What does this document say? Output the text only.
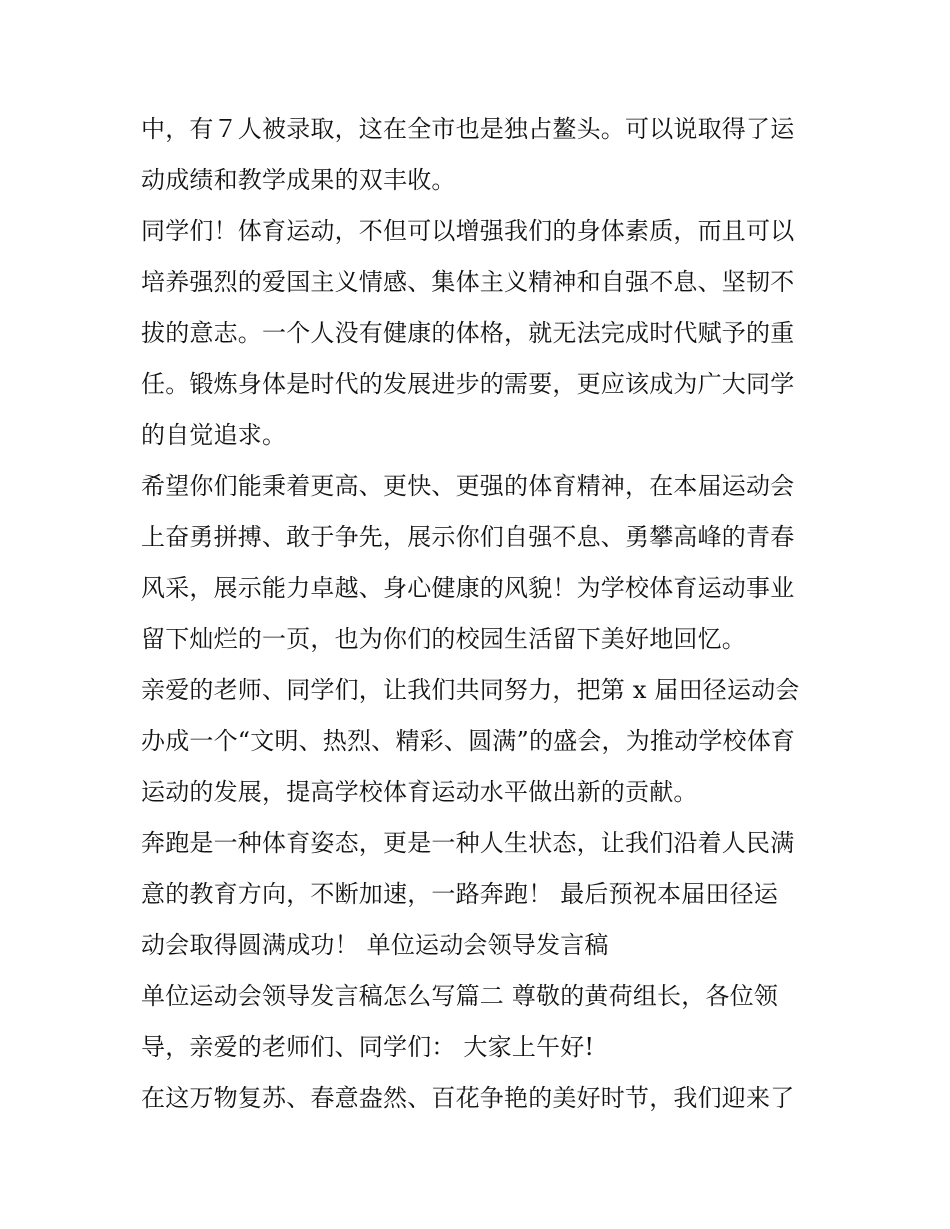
中，有７人被录取，这在全市也是独占鳌头。可以说取得了运
动成绩和教学成果的双丰收。
同学们！体育运动，不但可以增强我们的身体素质，而且可以
培养强烈的爱国主义情感、集体主义精神和自强不息、坚韧不
拔的意志。一个人没有健康的体格，就无法完成时代赋予的重
任。锻炼身体是时代的发展进步的需要，更应该成为广大同学
的自觉追求。
希望你们能秉着更高、更快、更强的体育精神，在本届运动会
上奋勇拼搏、敢于争先，展示你们自强不息、勇攀高峰的青春
风采，展示能力卓越、身心健康的风貌！为学校体育运动事业
留下灿烂的一页，也为你们的校园生活留下美好地回忆。
亲爱的老师、同学们，让我们共同努力，把第 x 届田径运动会
办成一个“文明、热烈、精彩、圆满”的盛会，为推动学校体育
运动的发展，提高学校体育运动水平做出新的贡献。
奔跑是一种体育姿态，更是一种人生状态，让我们沿着人民满
意的教育方向，不断加速，一路奔跑！ 最后预祝本届田径运
动会取得圆满成功！ 单位运动会领导发言稿
单位运动会领导发言稿怎么写篇二 尊敬的黄荷组长，各位领
导，亲爱的老师们、同学们： 大家上午好!
在这万物复苏、春意盎然、百花争艳的美好时节，我们迎来了
